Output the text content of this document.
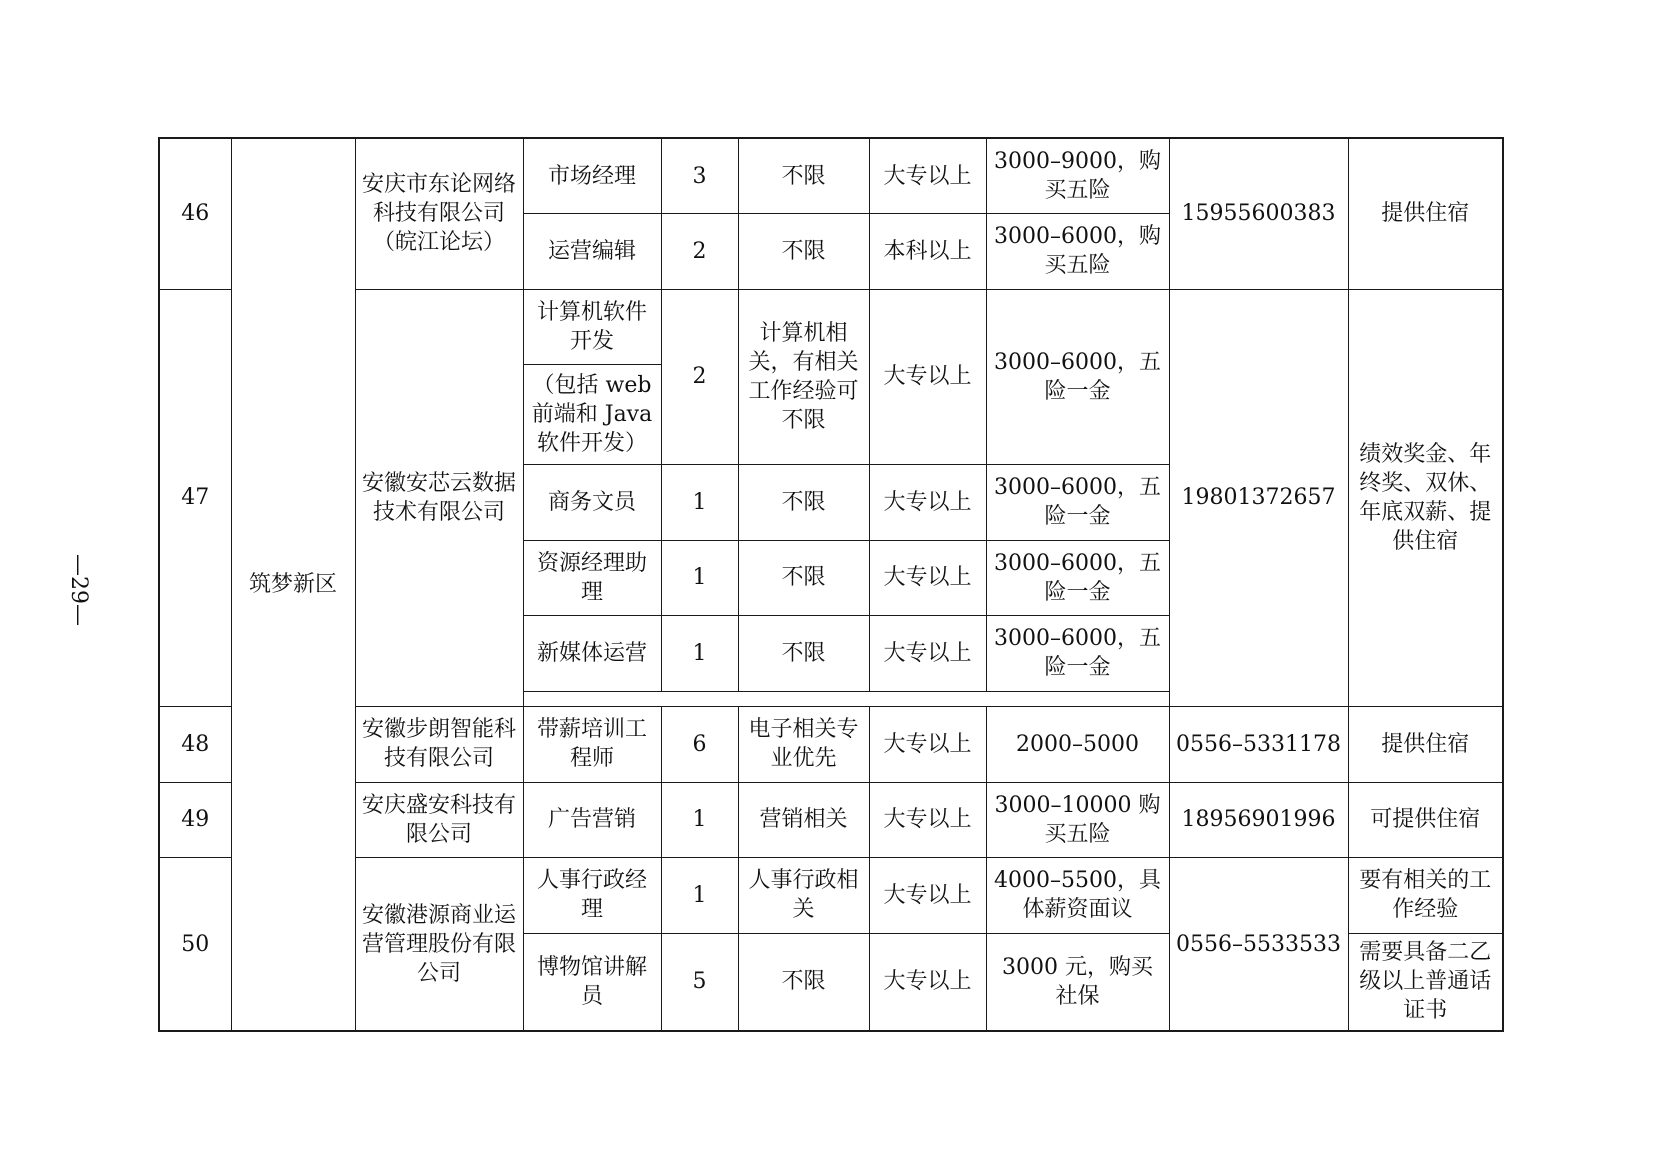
—29—
46	筑梦新区	安庆市东论网络科技有限公司（皖江论坛）	市场经理	3	不限	大专以上	3000–9000，购买五险	15955600383	提供住宿
			运营编辑	2	不限	本科以上	3000–6000，购买五险		
47		安徽安芯云数据技术有限公司	计算机软件开发	2	计算机相关，有相关工作经验可不限	大专以上	3000–6000，五险一金	19801372657	绩效奖金、年终奖、双休、年底双薪、提供住宿
			（包括 web 前端和 Java 软件开发）						
			商务文员	1	不限	大专以上	3000–6000，五险一金		
			资源经理助理	1	不限	大专以上	3000–6000，五险一金		
			新媒体运营	1	不限	大专以上	3000–6000，五险一金		

48		安徽步朗智能科技有限公司	带薪培训工程师	6	电子相关专业优先	大专以上	2000–5000	0556–5331178	提供住宿
49		安庆盛安科技有限公司	广告营销	1	营销相关	大专以上	3000–10000 购买五险	18956901996	可提供住宿
50		安徽港源商业运营管理股份有限公司	人事行政经理	1	人事行政相关	大专以上	4000–5500，具体薪资面议	0556–5533533	要有相关的工作经验
			博物馆讲解员	5	不限	大专以上	3000 元，购买社保		需要具备二乙级以上普通话证书
